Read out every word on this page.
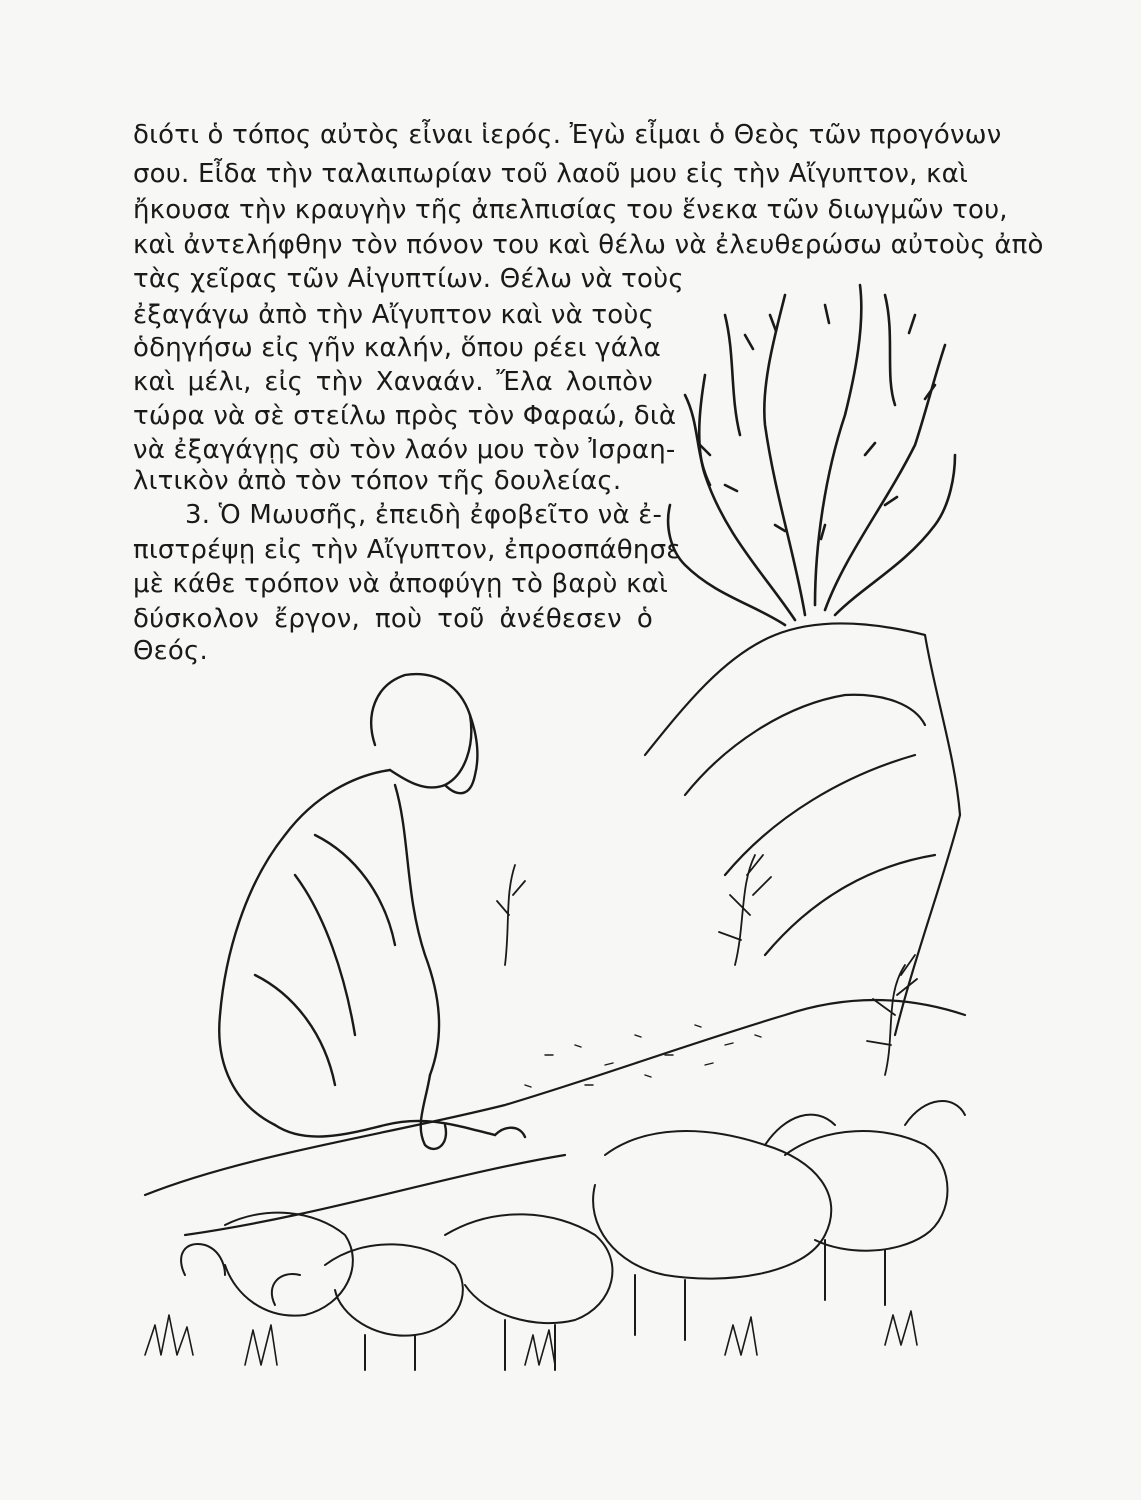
διότι ὁ τόπος αὐτὸς εἶναι ἱερός. Ἐγὼ εἶμαι ὁ Θεὸς τῶν προγόνων
σου. Εἶδα τὴν ταλαιπωρίαν τοῦ λαοῦ μου εἰς τὴν Αἴγυπτον, καὶ
ἤκουσα τὴν κραυγὴν τῆς ἀπελπισίας του ἕνεκα τῶν διωγμῶν του,
καὶ ἀντελήφθην τὸν πόνον του καὶ θέλω νὰ ἐλευθερώσω αὐτοὺς ἀπὸ
τὰς χεῖρας τῶν Αἰγυπτίων. Θέλω νὰ τοὺς
ἐξαγάγω ἀπὸ τὴν Αἴγυπτον καὶ νὰ τοὺς
ὁδηγήσω εἰς γῆν καλήν, ὅπου ρέει γάλα
καὶ μέλι, εἰς τὴν Χαναάν. Ἔλα λοιπὸν
τώρα νὰ σὲ στείλω πρὸς τὸν Φαραώ, διὰ
νὰ ἐξαγάγῃς σὺ τὸν λαόν μου τὸν Ἰσραη-
λιτικὸν ἀπὸ τὸν τόπον τῆς δουλείας.
3. Ὁ Μωυσῆς, ἐπειδὴ ἐφοβεῖτο νὰ ἐ-
πιστρέψῃ εἰς τὴν Αἴγυπτον, ἐπροσπάθησε
μὲ κάθε τρόπον νὰ ἀποφύγῃ τὸ βαρὺ καὶ
δύσκολον ἔργον, ποὺ τοῦ ἀνέθεσεν ὁ
Θεός.
